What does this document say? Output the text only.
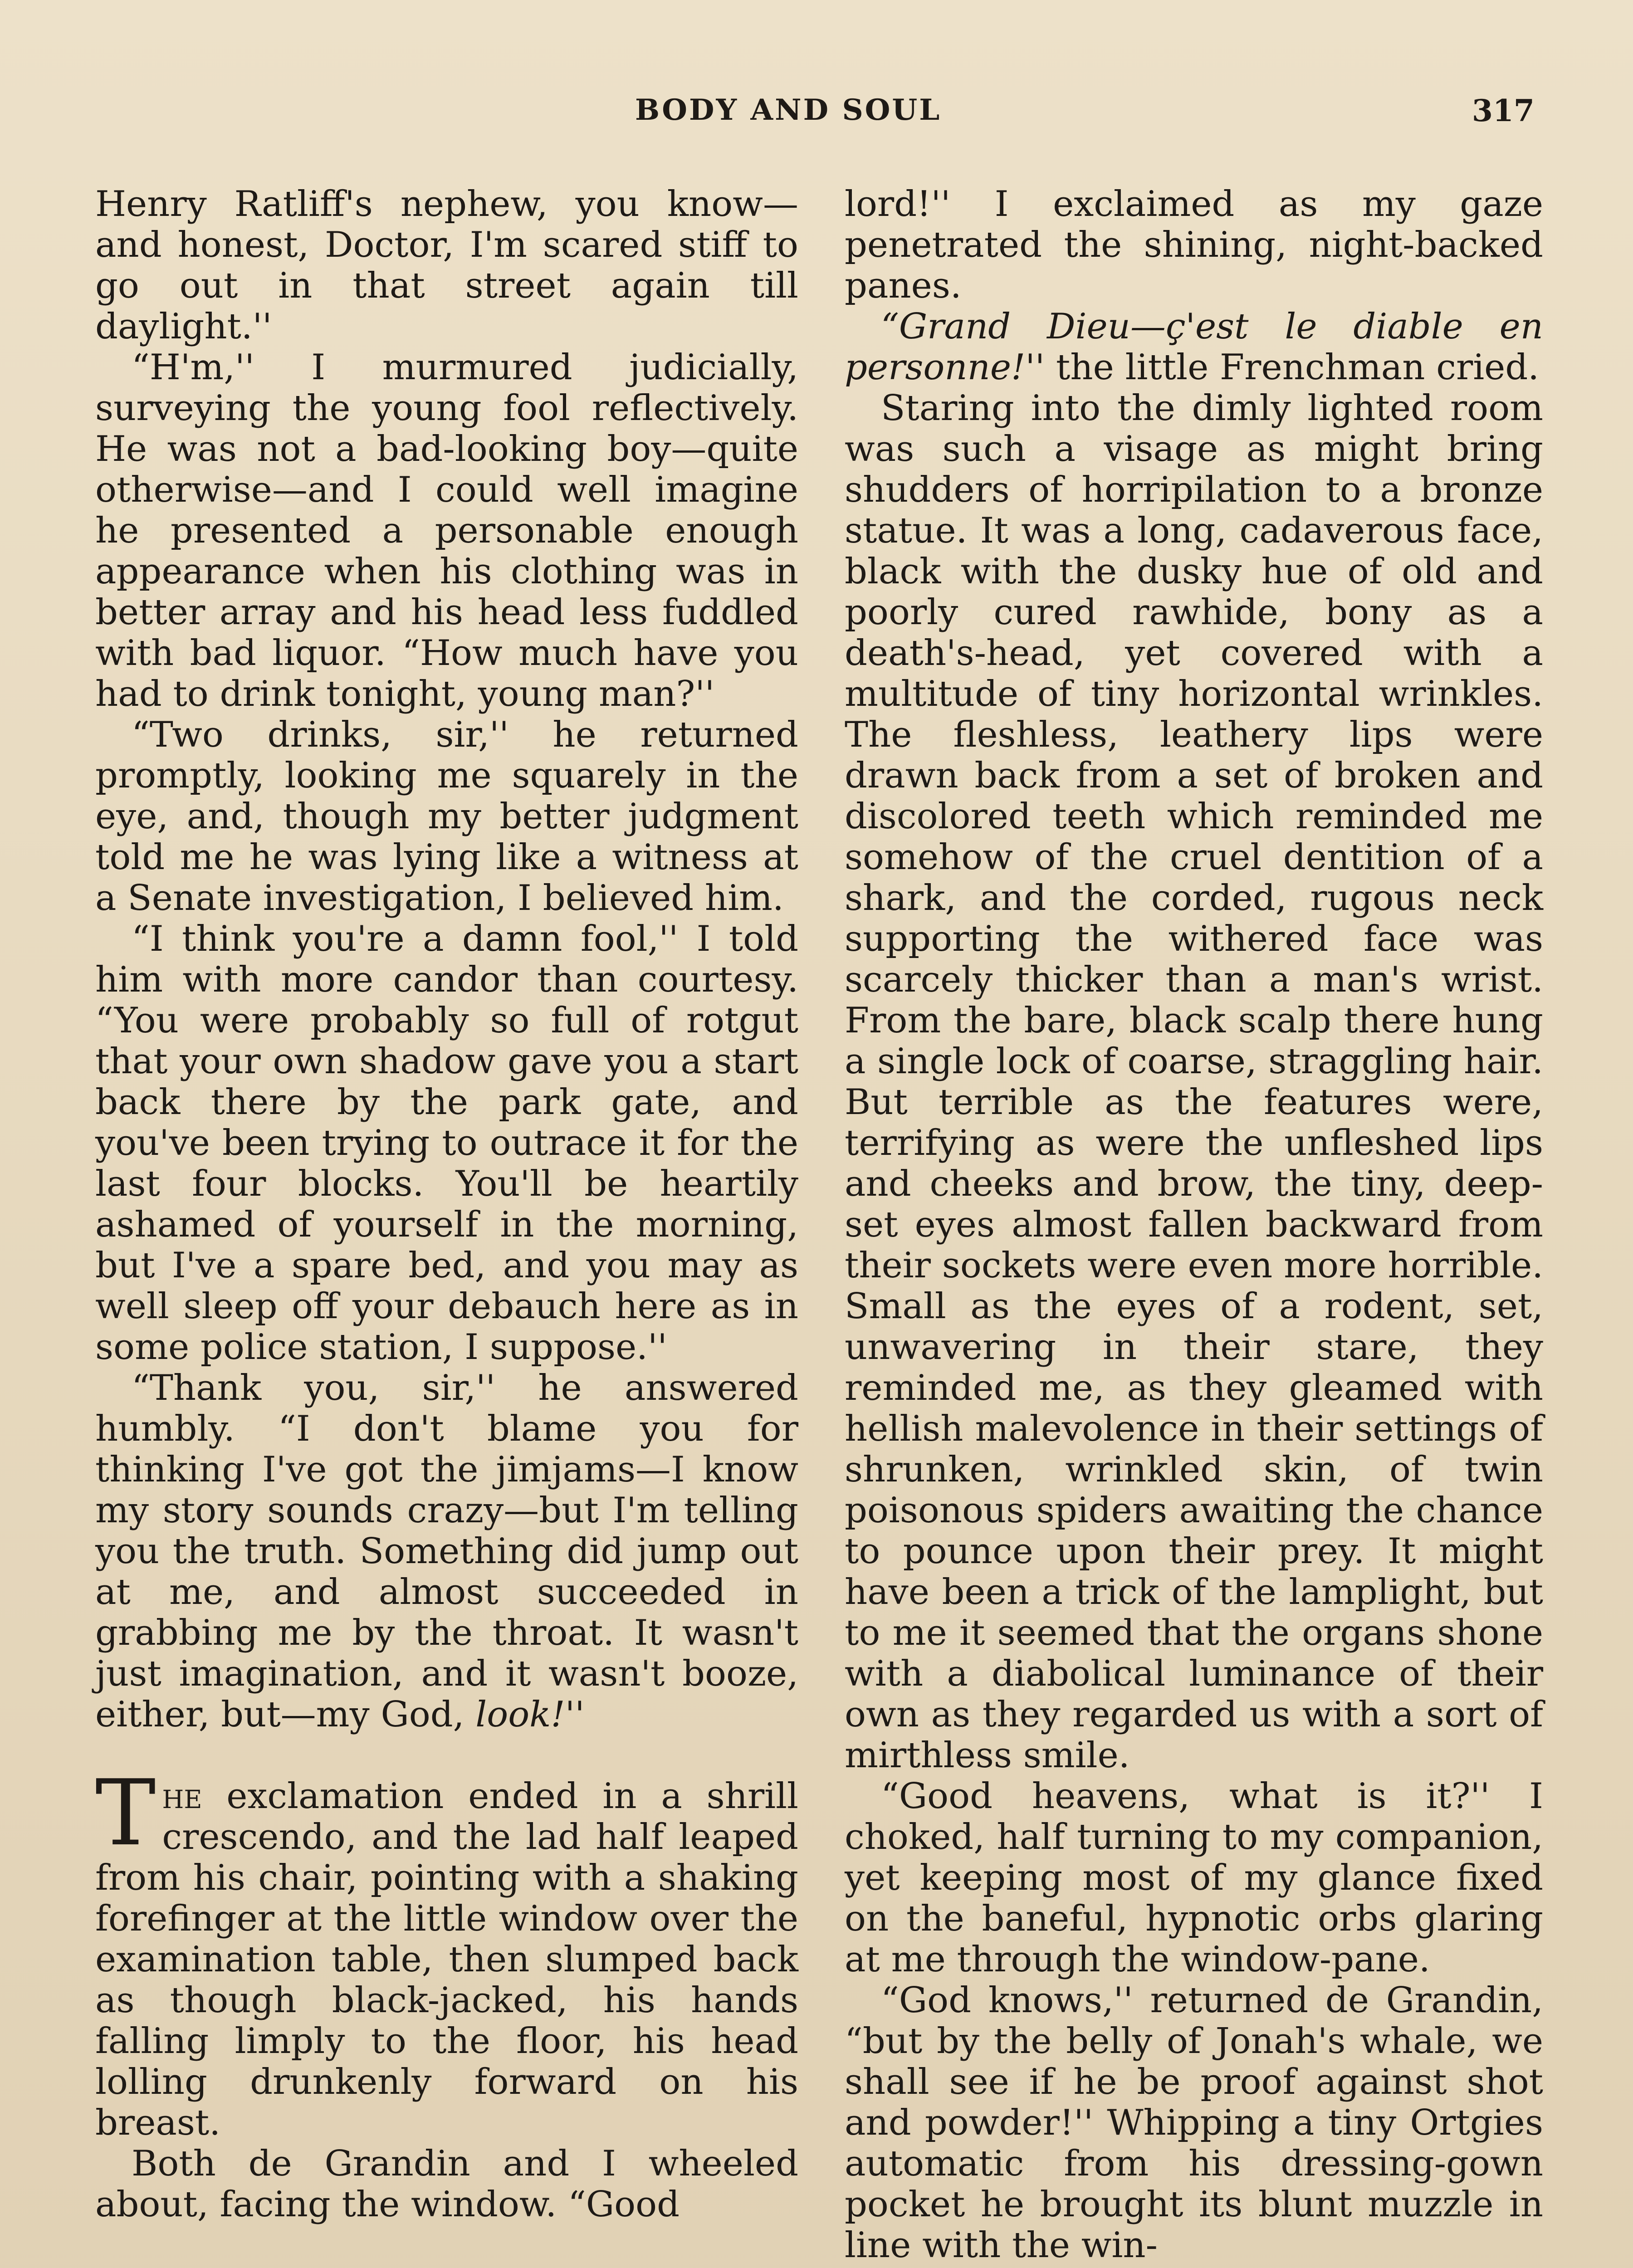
BODY AND SOUL	317

Henry Ratliff's nephew, you know—and honest, Doctor, I'm scared stiff to go out in that street again till daylight.''

“H'm,'' I murmured judicially, surveying the young fool reflectively. He was not a bad-looking boy—quite otherwise—and I could well imagine he presented a personable enough appearance when his clothing was in better array and his head less fuddled with bad liquor. “How much have you had to drink tonight, young man?''

“Two drinks, sir,'' he returned promptly, looking me squarely in the eye, and, though my better judgment told me he was lying like a witness at a Senate investigation, I believed him.

“I think you're a damn fool,'' I told him with more candor than courtesy. “You were probably so full of rotgut that your own shadow gave you a start back there by the park gate, and you've been trying to outrace it for the last four blocks. You'll be heartily ashamed of yourself in the morning, but I've a spare bed, and you may as well sleep off your debauch here as in some police station, I suppose.''

“Thank you, sir,'' he answered humbly. “I don't blame you for thinking I've got the jimjams—I know my story sounds crazy—but I'm telling you the truth. Something did jump out at me, and almost succeeded in grabbing me by the throat. It wasn't just imagination, and it wasn't booze, either, but—my God, look!''

The exclamation ended in a shrill crescendo, and the lad half leaped from his chair, pointing with a shaking forefinger at the little window over the examination table, then slumped back as though black-jacked, his hands falling limply to the floor, his head lolling drunkenly forward on his breast.

Both de Grandin and I wheeled about, facing the window. “Good

lord!'' I exclaimed as my gaze penetrated the shining, night-backed panes.

“Grand Dieu—ç'est le diable en personne!'' the little Frenchman cried.

Staring into the dimly lighted room was such a visage as might bring shudders of horripilation to a bronze statue. It was a long, cadaverous face, black with the dusky hue of old and poorly cured rawhide, bony as a death's-head, yet covered with a multitude of tiny horizontal wrinkles. The fleshless, leathery lips were drawn back from a set of broken and discolored teeth which reminded me somehow of the cruel dentition of a shark, and the corded, rugous neck supporting the withered face was scarcely thicker than a man's wrist. From the bare, black scalp there hung a single lock of coarse, straggling hair. But terrible as the features were, terrifying as were the unfleshed lips and cheeks and brow, the tiny, deep-set eyes almost fallen backward from their sockets were even more horrible. Small as the eyes of a rodent, set, unwavering in their stare, they reminded me, as they gleamed with hellish malevolence in their settings of shrunken, wrinkled skin, of twin poisonous spiders awaiting the chance to pounce upon their prey. It might have been a trick of the lamplight, but to me it seemed that the organs shone with a diabolical luminance of their own as they regarded us with a sort of mirthless smile.

“Good heavens, what is it?'' I choked, half turning to my companion, yet keeping most of my glance fixed on the baneful, hypnotic orbs glaring at me through the window-pane.

“God knows,'' returned de Grandin, “but by the belly of Jonah's whale, we shall see if he be proof against shot and powder!'' Whipping a tiny Ortgies automatic from his dressing-gown pocket he brought its blunt muzzle in line with the win-
